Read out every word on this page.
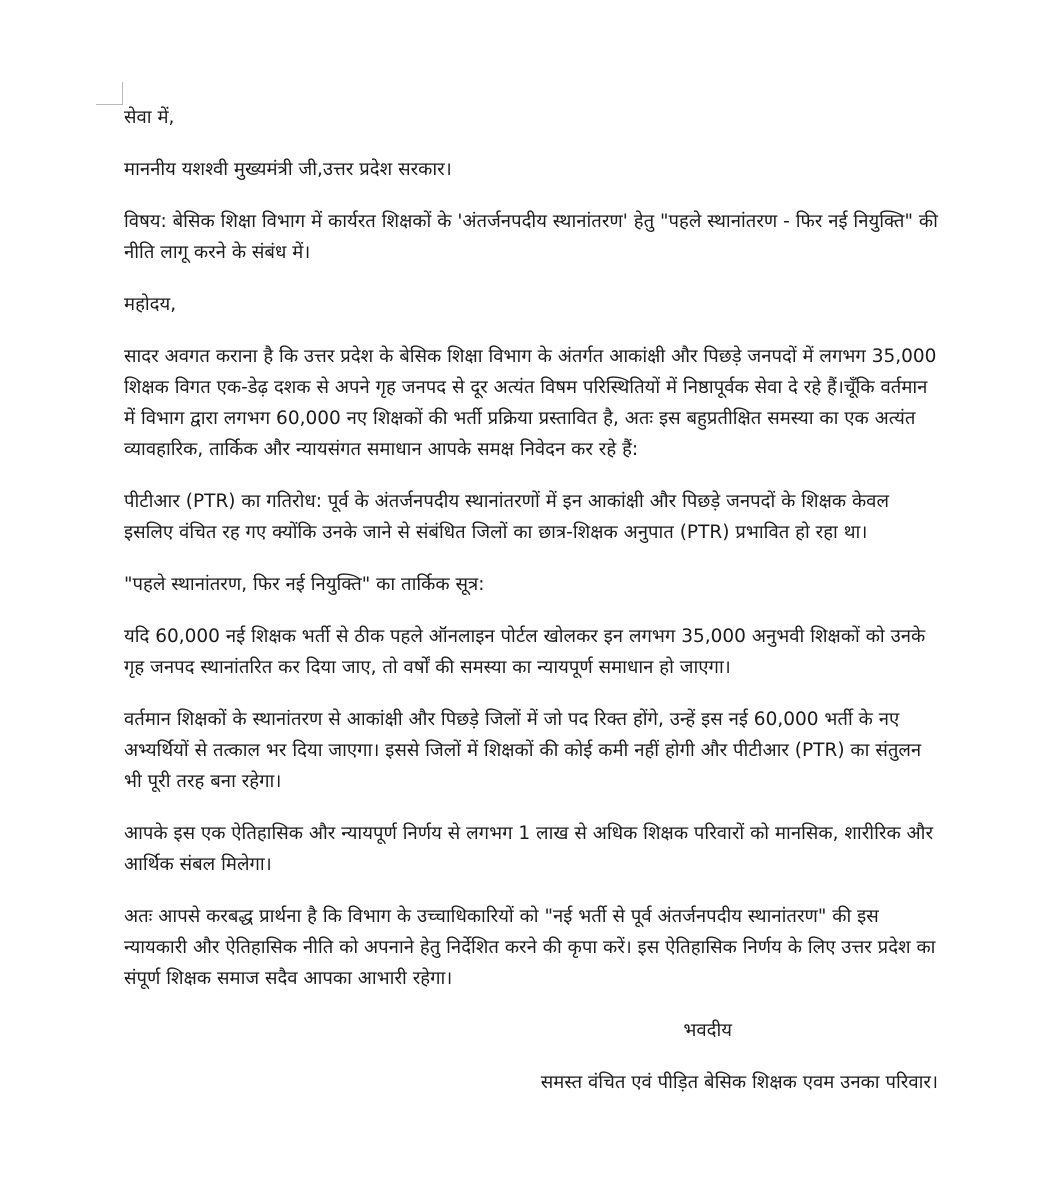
सेवा में,

माननीय यशश्वी मुख्यमंत्री जी,उत्तर प्रदेश सरकार।

विषय: बेसिक शिक्षा विभाग में कार्यरत शिक्षकों के 'अंतर्जनपदीय स्थानांतरण' हेतु "पहले स्थानांतरण - फिर नई नियुक्ति" की नीति लागू करने के संबंध में।

महोदय,

सादर अवगत कराना है कि उत्तर प्रदेश के बेसिक शिक्षा विभाग के अंतर्गत आकांक्षी और पिछड़े जनपदों में लगभग 35,000 शिक्षक विगत एक-डेढ़ दशक से अपने गृह जनपद से दूर अत्यंत विषम परिस्थितियों में निष्ठापूर्वक सेवा दे रहे हैं।चूँकि वर्तमान में विभाग द्वारा लगभग 60,000 नए शिक्षकों की भर्ती प्रक्रिया प्रस्तावित है, अतः इस बहुप्रतीक्षित समस्या का एक अत्यंत व्यावहारिक, तार्किक और न्यायसंगत समाधान आपके समक्ष निवेदन कर रहे हैं:

पीटीआर (PTR) का गतिरोध: पूर्व के अंतर्जनपदीय स्थानांतरणों में इन आकांक्षी और पिछड़े जनपदों के शिक्षक केवल इसलिए वंचित रह गए क्योंकि उनके जाने से संबंधित जिलों का छात्र-शिक्षक अनुपात (PTR) प्रभावित हो रहा था।

"पहले स्थानांतरण, फिर नई नियुक्ति" का तार्किक सूत्र:

यदि 60,000 नई शिक्षक भर्ती से ठीक पहले ऑनलाइन पोर्टल खोलकर इन लगभग 35,000 अनुभवी शिक्षकों को उनके गृह जनपद स्थानांतरित कर दिया जाए, तो वर्षों की समस्या का न्यायपूर्ण समाधान हो जाएगा।

वर्तमान शिक्षकों के स्थानांतरण से आकांक्षी और पिछड़े जिलों में जो पद रिक्त होंगे, उन्हें इस नई 60,000 भर्ती के नए अभ्यर्थियों से तत्काल भर दिया जाएगा। इससे जिलों में शिक्षकों की कोई कमी नहीं होगी और पीटीआर (PTR) का संतुलन भी पूरी तरह बना रहेगा।

आपके इस एक ऐतिहासिक और न्यायपूर्ण निर्णय से लगभग 1 लाख से अधिक शिक्षक परिवारों को मानसिक, शारीरिक और आर्थिक संबल मिलेगा।

अतः आपसे करबद्ध प्रार्थना है कि विभाग के उच्चाधिकारियों को "नई भर्ती से पूर्व अंतर्जनपदीय स्थानांतरण" की इस न्यायकारी और ऐतिहासिक नीति को अपनाने हेतु निर्देशित करने की कृपा करें। इस ऐतिहासिक निर्णय के लिए उत्तर प्रदेश का संपूर्ण शिक्षक समाज सदैव आपका आभारी रहेगा।

भवदीय

समस्त वंचित एवं पीड़ित बेसिक शिक्षक एवम उनका परिवार।
